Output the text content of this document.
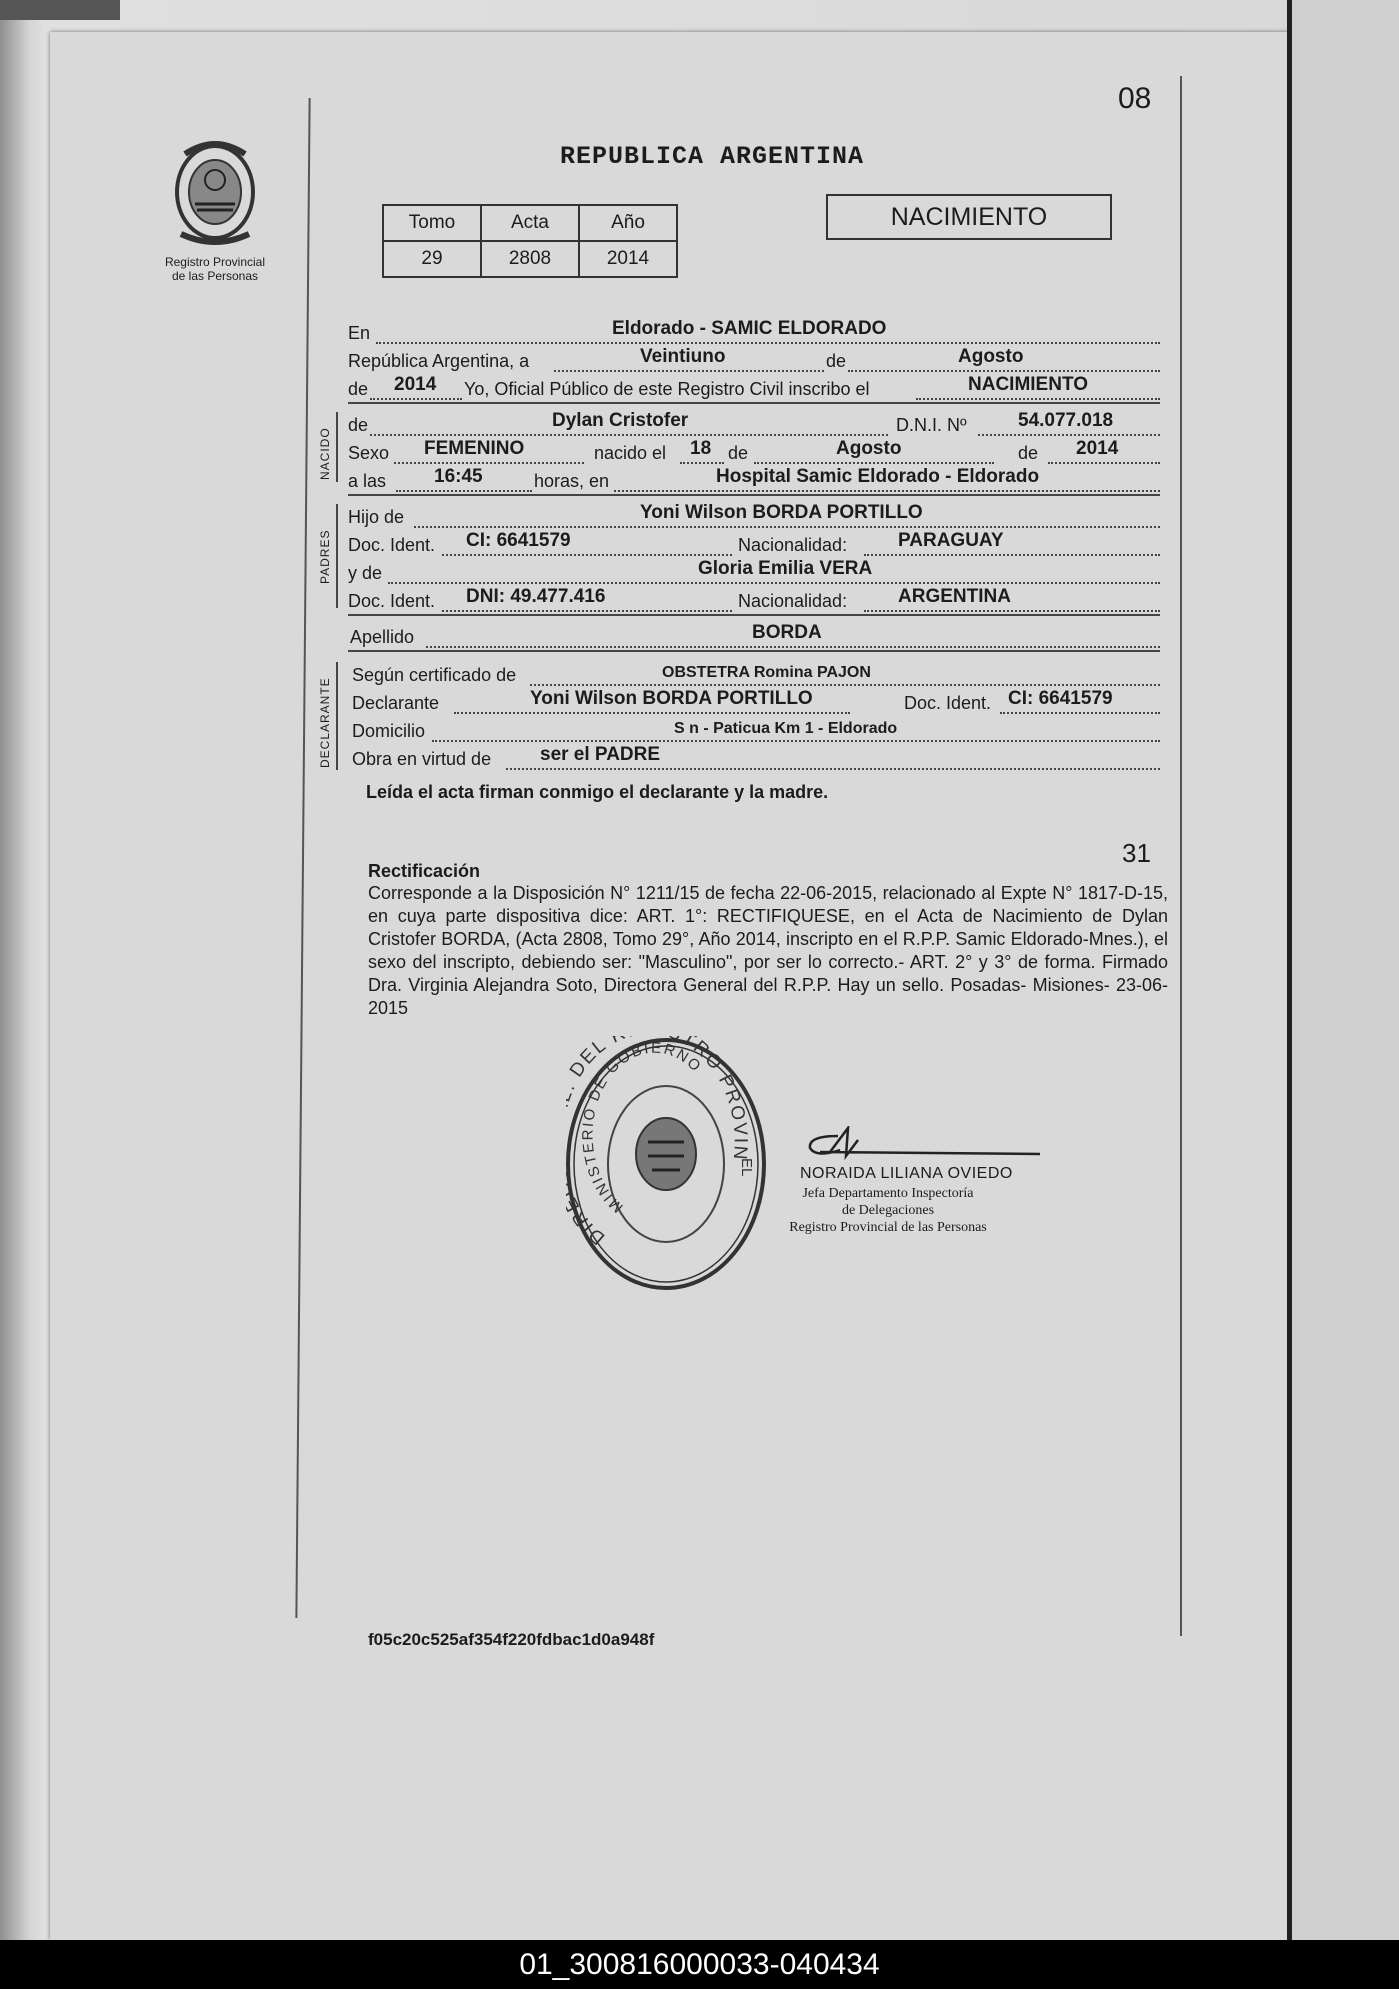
08
Registro Provincial
de las Personas
REPUBLICA ARGENTINA
Tomo	Acta	Año
29	2808	2014
NACIMIENTO
En	Eldorado - SAMIC ELDORADO
República Argentina, a	Veintiuno	de	Agosto
de 2014 Yo, Oficial Público de este Registro Civil inscribo el	NACIMIENTO
NACIDO
de	Dylan Cristofer	D.N.I. Nº	54.077.018
Sexo FEMENINO	nacido el 18 de	Agosto	de 2014
a las	16:45	horas, en	Hospital Samic Eldorado - Eldorado
PADRES
Hijo de	Yoni Wilson BORDA PORTILLO
Doc. Ident. CI: 6641579	Nacionalidad:	PARAGUAY
y de	Gloria Emilia VERA
Doc. Ident. DNI: 49.477.416	Nacionalidad:	ARGENTINA
Apellido	BORDA
DECLARANTE
Según certificado de	OBSTETRA Romina PAJON
Declarante	Yoni Wilson BORDA PORTILLO	Doc. Ident. CI: 6641579
Domicilio	S n - Paticua Km 1 - Eldorado
Obra en virtud de	ser el PADRE
Leída el acta firman conmigo el declarante y la madre.
31
Rectificación
Corresponde a la Disposición N° 1211/15 de fecha 22-06-2015, relacionado al Expte N° 1817-D-15, en cuya parte dispositiva dice: ART. 1°: RECTIFIQUESE, en el Acta de Nacimiento de Dylan Cristofer BORDA, (Acta 2808, Tomo 29°, Año 2014, inscripto en el R.P.P. Samic Eldorado-Mnes.), el sexo del inscripto, debiendo ser: "Masculino", por ser lo correcto.- ART. 2° y 3° de forma. Firmado Dra. Virginia Alejandra Soto, Directora General del R.P.P. Hay un sello. Posadas- Misiones- 23-06-2015
DIR DEL TRO PROVIN
MINISTERIO DE GOBIERNO
EL	NORAIDA LILIANA OVIEDO
Jefa Departamento Inspectoría
de Delegaciones
Registro Provincial de las Personas
f05c20c525af354f220fdbac1d0a948f
01_300816000033-040434
